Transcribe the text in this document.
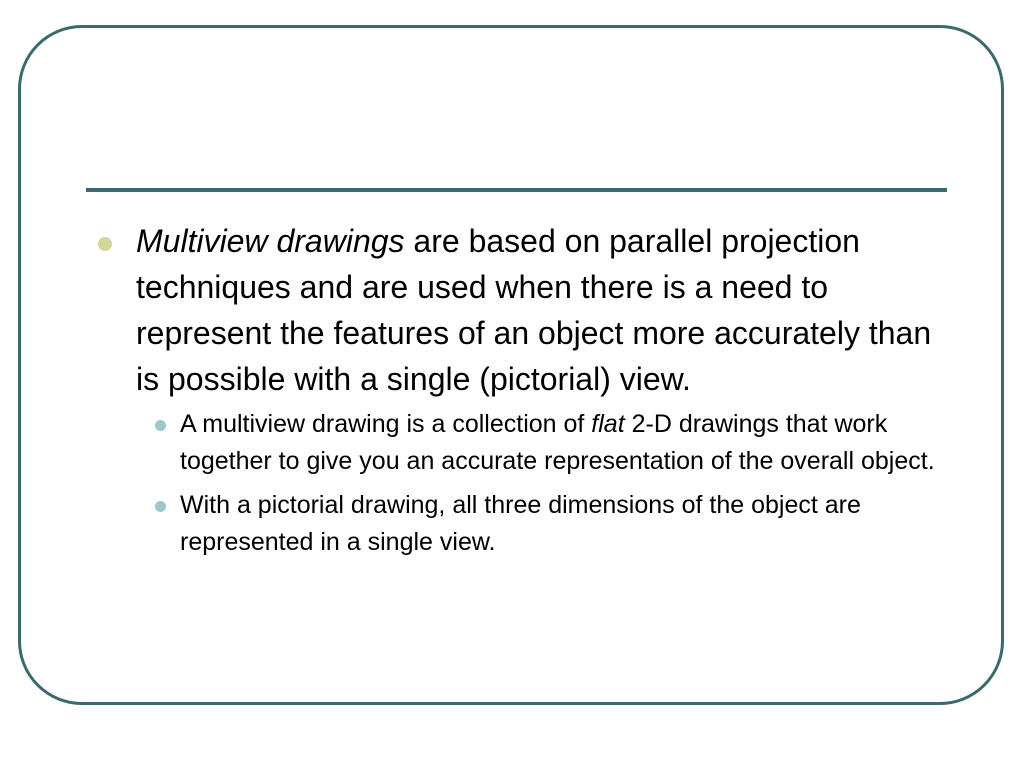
Multiview drawings are based on parallel projection techniques and are used when there is a need to represent the features of an object more accurately than is possible with a single (pictorial) view.
A multiview drawing is a collection of flat 2-D drawings that work together to give you an accurate representation of the overall object.
With a pictorial drawing, all three dimensions of the object are represented in a single view.
